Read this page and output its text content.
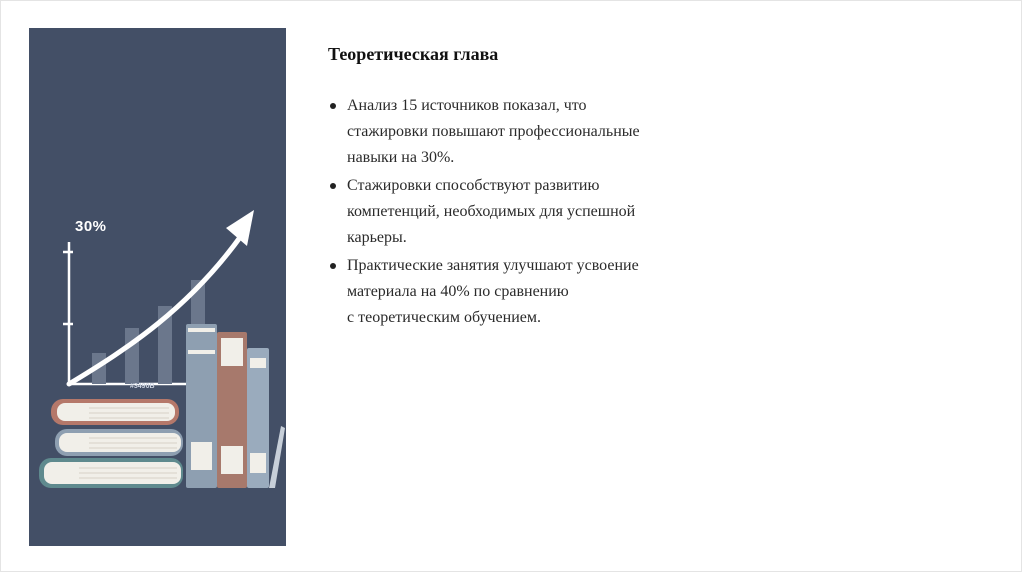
30%
#3490B
Теоретическая глава
Анализ 15 источников показал, что
стажировки повышают профессиональные
навыки на 30%.
Стажировки способствуют развитию
компетенций, необходимых для успешной
карьеры.
Практические занятия улучшают усвоение
материала на 40% по сравнению
с теоретическим обучением.
